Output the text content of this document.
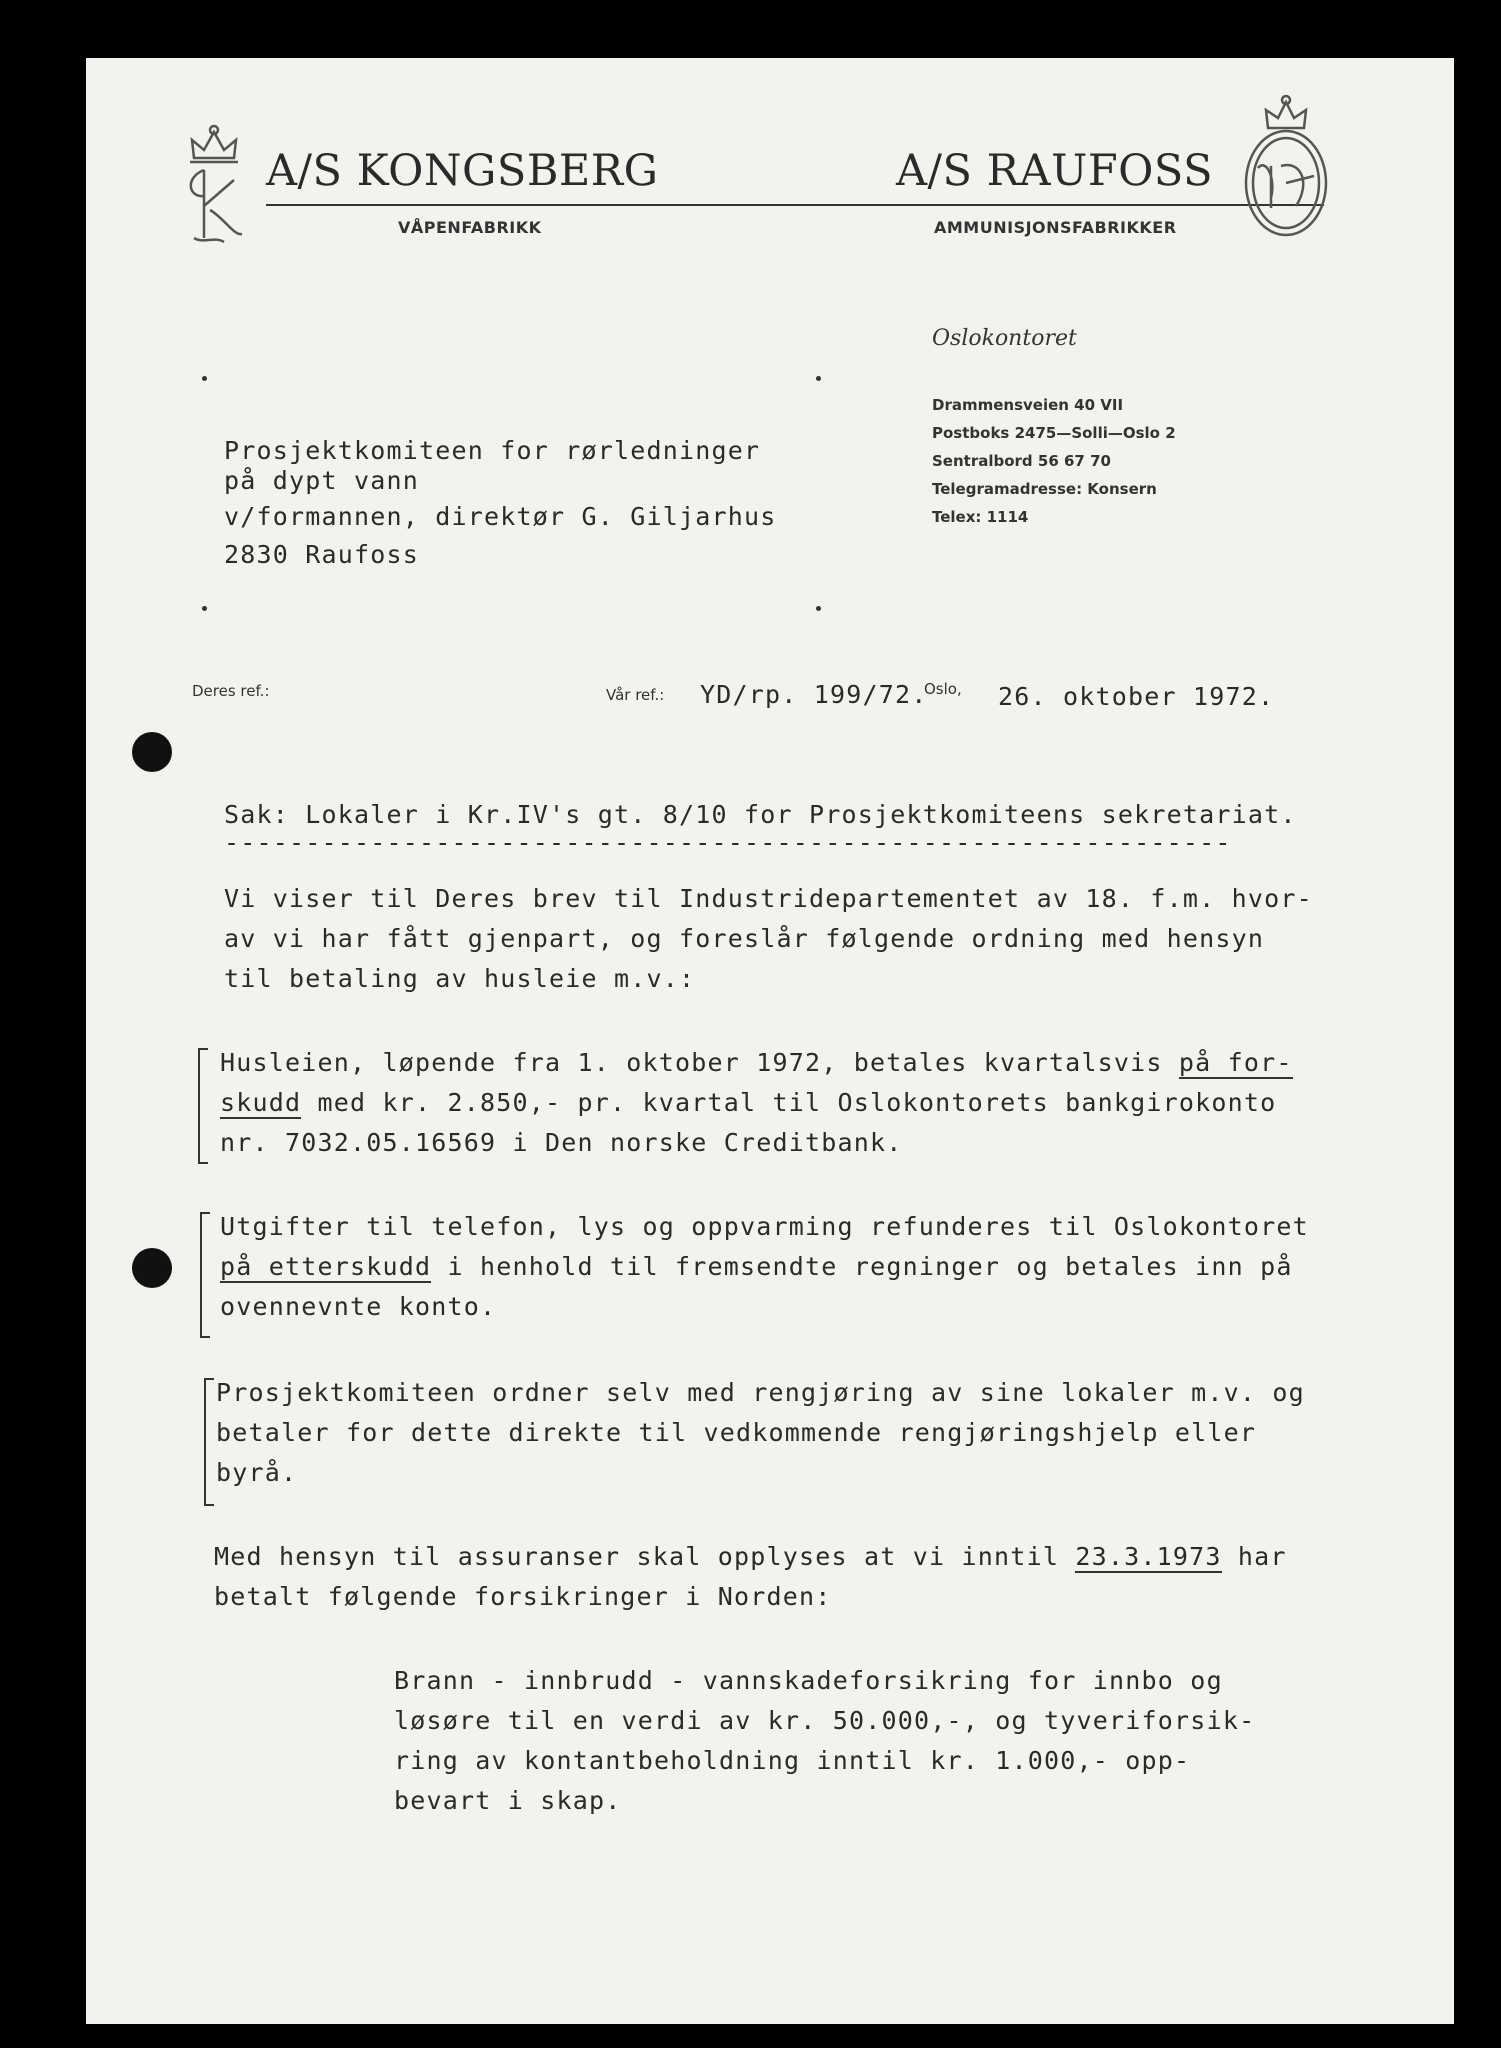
A/S KONGSBERG	A/S RAUFOSS
VÅPENFABRIKK	AMMUNISJONSFABRIKKER
Oslokontoret
Drammensveien 40 VII
Postboks 2475—Solli—Oslo 2
Sentralbord 56 67 70
Telegramadresse: Konsern
Telex: 1114
Prosjektkomiteen for rørledninger
på dypt vann
v/formannen, direktør G. Giljarhus
2830 Raufoss
Deres ref.:	Vår ref.: YD/rp. 199/72.
Oslo, 26. oktober 1972.
Sak: Lokaler i Kr.IV's gt. 8/10 for Prosjektkomiteens sekretariat.
--------------------------------------------------------------
Vi viser til Deres brev til Industridepartementet av 18. f.m. hvor-
av vi har fått gjenpart, og foreslår følgende ordning med hensyn
til betaling av husleie m.v.:
Husleien, løpende fra 1. oktober 1972, betales kvartalsvis på for-
skudd med kr. 2.850,- pr. kvartal til Oslokontorets bankgirokonto
nr. 7032.05.16569 i Den norske Creditbank.
Utgifter til telefon, lys og oppvarming refunderes til Oslokontoret
på etterskudd i henhold til fremsendte regninger og betales inn på
ovennevnte konto.
Prosjektkomiteen ordner selv med rengjøring av sine lokaler m.v. og
betaler for dette direkte til vedkommende rengjøringshjelp eller
byrå.
Med hensyn til assuranser skal opplyses at vi inntil 23.3.1973 har
betalt følgende forsikringer i Norden:
Brann - innbrudd - vannskadeforsikring for innbo og
løsøre til en verdi av kr. 50.000,-, og tyveriforsik-
ring av kontantbeholdning inntil kr. 1.000,- opp-
bevart i skap.
